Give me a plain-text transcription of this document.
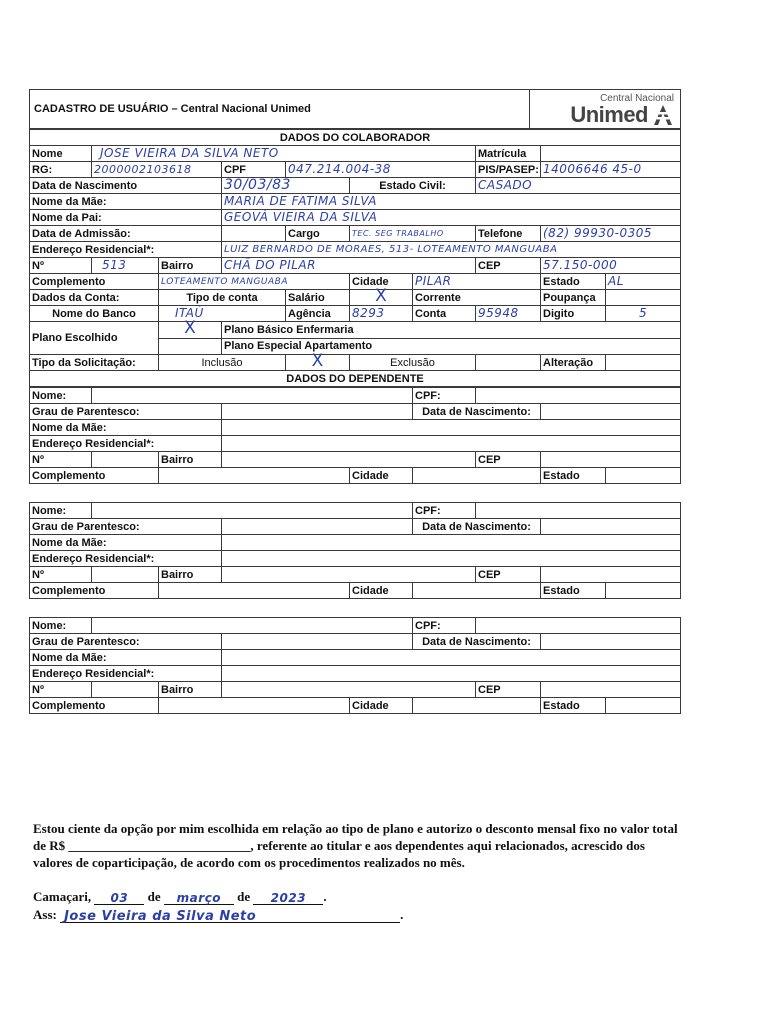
CADASTRO DE USUÁRIO – Central Nacional Unimed	
Central Nacional
Unimed
DADOS DO COLABORADOR									
Nome	JOSE VIEIRA DA SILVA NETO						Matrícula		
RG:	2000002103618		CPF	047.214.004-38			PIS/PASEP:	14006646 45-0	
Data de Nascimento			30/03/83		Estado Civil:		CASADO		
Nome da Mãe:			MARIA DE FATIMA SILVA						
Nome da Pai:			GEOVÁ VIEIRA DA SILVA						
Data de Admissão:				Cargo	TEC. SEG TRABALHO		Telefone	(82) 99930-0305	
Endereço Residencial*:			LUIZ BERNARDO DE MORAES, 513- LOTEAMENTO MANGUABA						
Nº	513	Bairro	CHÃ DO PILAR				CEP	57.150-000	
Complemento		LOTEAMENTO MANGUABA			Cidade	PILAR		Estado	AL
Dados da Conta:		Tipo de conta		Salário	X	Corrente		Poupança	
Nome do Banco		ITAÚ		Agência	8293	Conta	95948	Digito	5
Plano Escolhido		X	Plano Básico Enfermaria						
			Plano Especial Apartamento						
Tipo da Solicitação:		Inclusão		X	Exclusão			Alteração	
DADOS DO DEPENDENTE									
Nome:					CPF:			
Grau de Parentesco:					Data de Nascimento:			
Nome da Mãe:								
Endereço Residencial*:								
Nº		Bairro				CEP		
Complemento				Cidade			Estado	
Nome:					CPF:			
Grau de Parentesco:					Data de Nascimento:			
Nome da Mãe:								
Endereço Residencial*:								
Nº		Bairro				CEP		
Complemento				Cidade			Estado	
Nome:					CPF:			
Grau de Parentesco:					Data de Nascimento:			
Nome da Mãe:								
Endereço Residencial*:								
Nº		Bairro				CEP		
Complemento				Cidade			Estado	
Estou ciente da opção por mim escolhida em relação ao tipo de plano e autorizo o desconto mensal fixo no valor total de R$ ____________________________, referente ao titular e aos dependentes aqui relacionados, acrescido dos valores de coparticipação, de acordo com os procedimentos realizados no mês.
Camaçari, 03 de março de 2023 .
Ass: Jose Vieira da Silva Neto	.
